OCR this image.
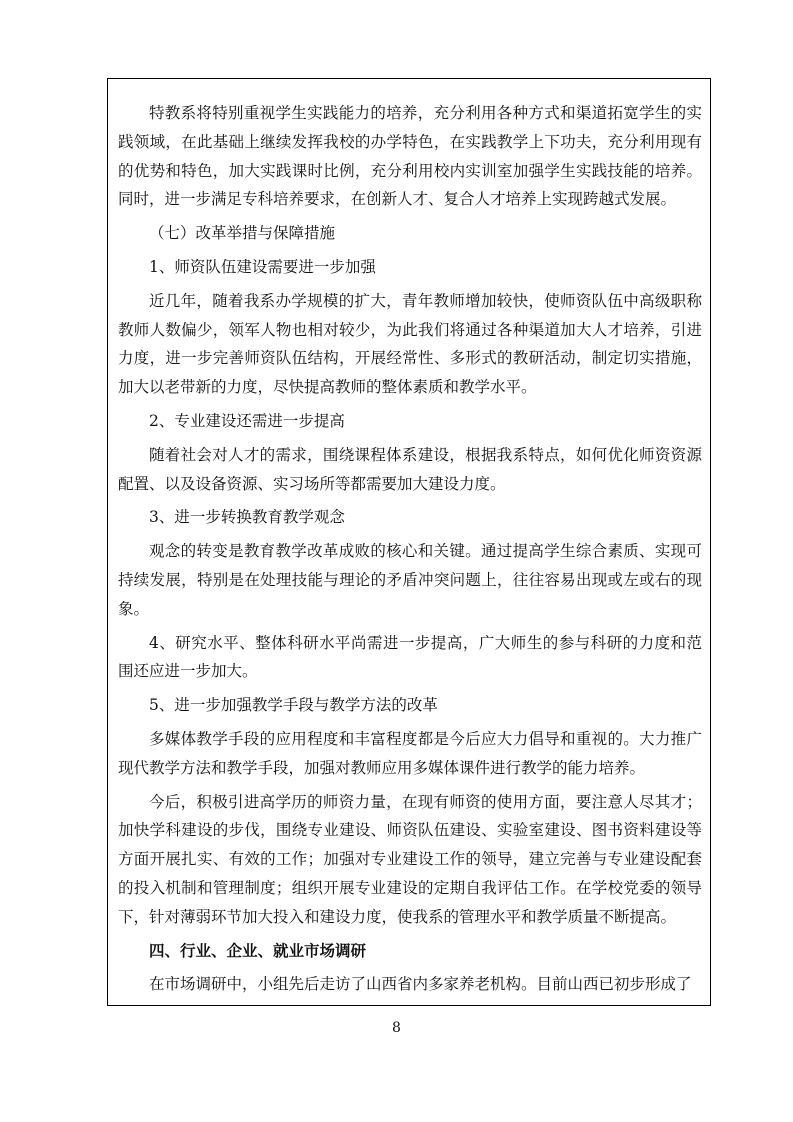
特教系将特别重视学生实践能力的培养，充分利用各种方式和渠道拓宽学生的实
践领域，在此基础上继续发挥我校的办学特色，在实践教学上下功夫，充分利用现有
的优势和特色，加大实践课时比例，充分利用校内实训室加强学生实践技能的培养。
同时，进一步满足专科培养要求，在创新人才、复合人才培养上实现跨越式发展。
（七）改革举措与保障措施
1、师资队伍建设需要进一步加强
近几年，随着我系办学规模的扩大，青年教师增加较快，使师资队伍中高级职称
教师人数偏少，领军人物也相对较少，为此我们将通过各种渠道加大人才培养，引进
力度，进一步完善师资队伍结构，开展经常性、多形式的教研活动，制定切实措施，
加大以老带新的力度，尽快提高教师的整体素质和教学水平。
2、专业建设还需进一步提高
随着社会对人才的需求，围绕课程体系建设，根据我系特点，如何优化师资资源
配置、以及设备资源、实习场所等都需要加大建设力度。
3、进一步转换教育教学观念
观念的转变是教育教学改革成败的核心和关键。通过提高学生综合素质、实现可
持续发展，特别是在处理技能与理论的矛盾冲突问题上，往往容易出现或左或右的现
象。
4、研究水平、整体科研水平尚需进一步提高，广大师生的参与科研的力度和范
围还应进一步加大。
5、进一步加强教学手段与教学方法的改革
多媒体教学手段的应用程度和丰富程度都是今后应大力倡导和重视的。大力推广
现代教学方法和教学手段，加强对教师应用多媒体课件进行教学的能力培养。
今后，积极引进高学历的师资力量，在现有师资的使用方面，要注意人尽其才；
加快学科建设的步伐，围绕专业建设、师资队伍建设、实验室建设、图书资料建设等
方面开展扎实、有效的工作；加强对专业建设工作的领导，建立完善与专业建设配套
的投入机制和管理制度；组织开展专业建设的定期自我评估工作。在学校党委的领导
下，针对薄弱环节加大投入和建设力度，使我系的管理水平和教学质量不断提高。
四、行业、企业、就业市场调研
在市场调研中，小组先后走访了山西省内多家养老机构。目前山西已初步形成了
8
